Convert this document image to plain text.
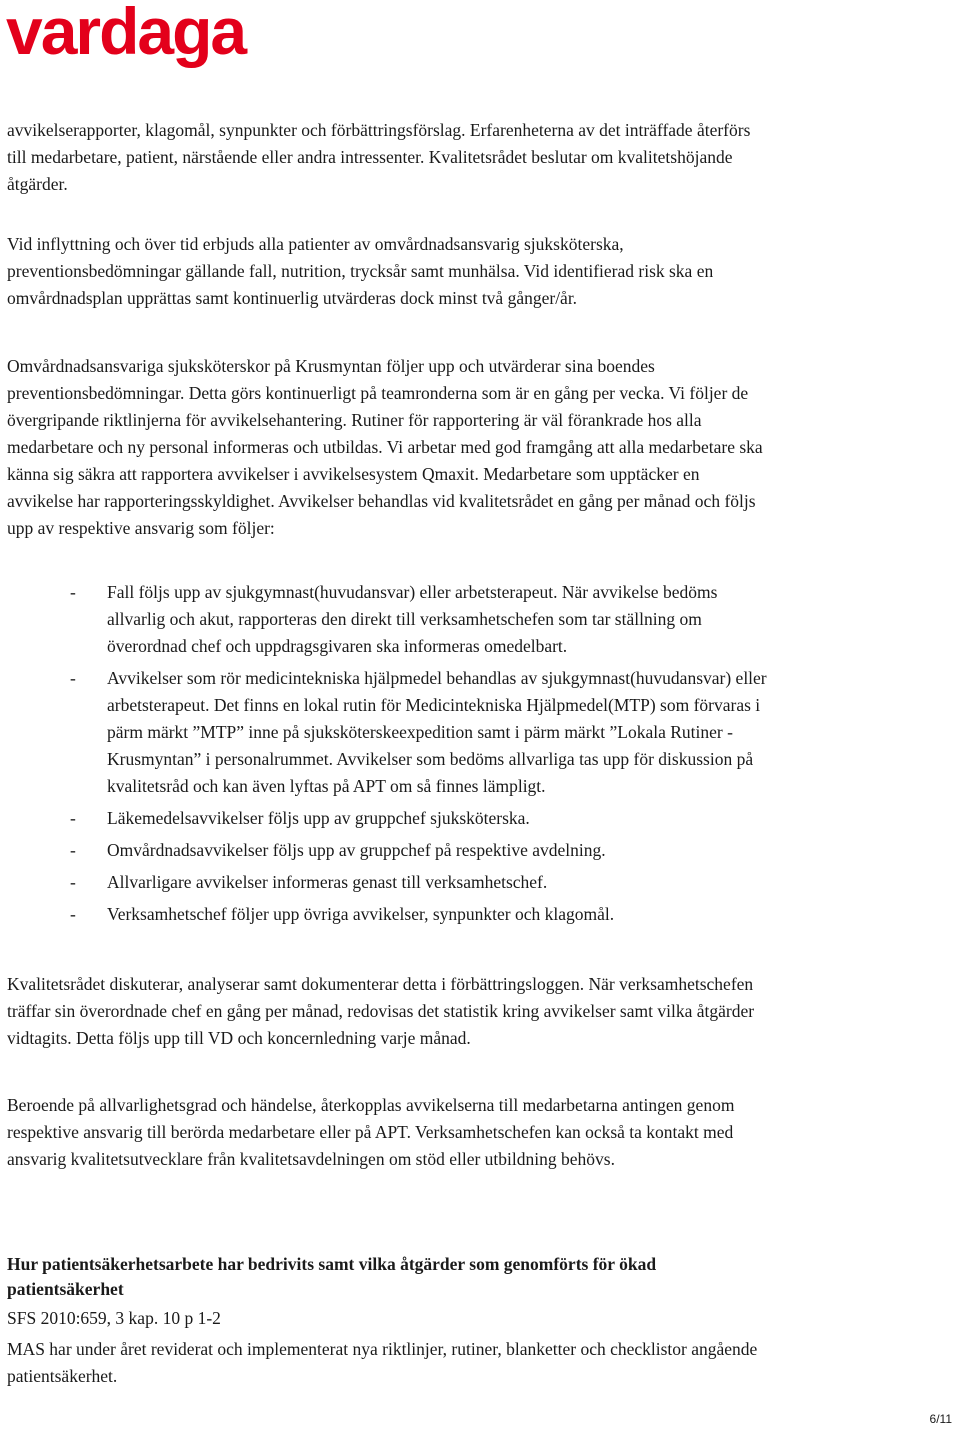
vardaga

avvikelserapporter, klagomål, synpunkter och förbättringsförslag. Erfarenheterna av det inträffade återförs
till medarbetare, patient, närstående eller andra intressenter. Kvalitetsrådet beslutar om kvalitetshöjande
åtgärder.

Vid inflyttning och över tid erbjuds alla patienter av omvårdnadsansvarig sjuksköterska,
preventionsbedömningar gällande fall, nutrition, trycksår samt munhälsa. Vid identifierad risk ska en
omvårdnadsplan upprättas samt kontinuerlig utvärderas dock minst två gånger/år.

Omvårdnadsansvariga sjuksköterskor på Krusmyntan följer upp och utvärderar sina boendes
preventionsbedömningar. Detta görs kontinuerligt på teamronderna som är en gång per vecka. Vi följer de
övergripande riktlinjerna för avvikelsehantering. Rutiner för rapportering är väl förankrade hos alla
medarbetare och ny personal informeras och utbildas. Vi arbetar med god framgång att alla medarbetare ska
känna sig säkra att rapportera avvikelser i avvikelsesystem Qmaxit. Medarbetare som upptäcker en
avvikelse har rapporteringsskyldighet. Avvikelser behandlas vid kvalitetsrådet en gång per månad och följs
upp av respektive ansvarig som följer:

- Fall följs upp av sjukgymnast(huvudansvar) eller arbetsterapeut. När avvikelse bedöms
allvarlig och akut, rapporteras den direkt till verksamhetschefen som tar ställning om
överordnad chef och uppdragsgivaren ska informeras omedelbart.
- Avvikelser som rör medicintekniska hjälpmedel behandlas av sjukgymnast(huvudansvar) eller
arbetsterapeut. Det finns en lokal rutin för Medicintekniska Hjälpmedel(MTP) som förvaras i
pärm märkt ”MTP” inne på sjuksköterskeexpedition samt i pärm märkt ”Lokala Rutiner -
Krusmyntan” i personalrummet. Avvikelser som bedöms allvarliga tas upp för diskussion på
kvalitetsråd och kan även lyftas på APT om så finnes lämpligt.
- Läkemedelsavvikelser följs upp av gruppchef sjuksköterska.
- Omvårdnadsavvikelser följs upp av gruppchef på respektive avdelning.
- Allvarligare avvikelser informeras genast till verksamhetschef.
- Verksamhetschef följer upp övriga avvikelser, synpunkter och klagomål.

Kvalitetsrådet diskuterar, analyserar samt dokumenterar detta i förbättringsloggen. När verksamhetschefen
träffar sin överordnade chef en gång per månad, redovisas det statistik kring avvikelser samt vilka åtgärder
vidtagits. Detta följs upp till VD och koncernledning varje månad.

Beroende på allvarlighetsgrad och händelse, återkopplas avvikelserna till medarbetarna antingen genom
respektive ansvarig till berörda medarbetare eller på APT. Verksamhetschefen kan också ta kontakt med
ansvarig kvalitetsutvecklare från kvalitetsavdelningen om stöd eller utbildning behövs.

Hur patientsäkerhetsarbete har bedrivits samt vilka åtgärder som genomförts för ökad
patientsäkerhet

SFS 2010:659, 3 kap. 10 p 1-2

MAS har under året reviderat och implementerat nya riktlinjer, rutiner, blanketter och checklistor angående
patientsäkerhet.

6/11
